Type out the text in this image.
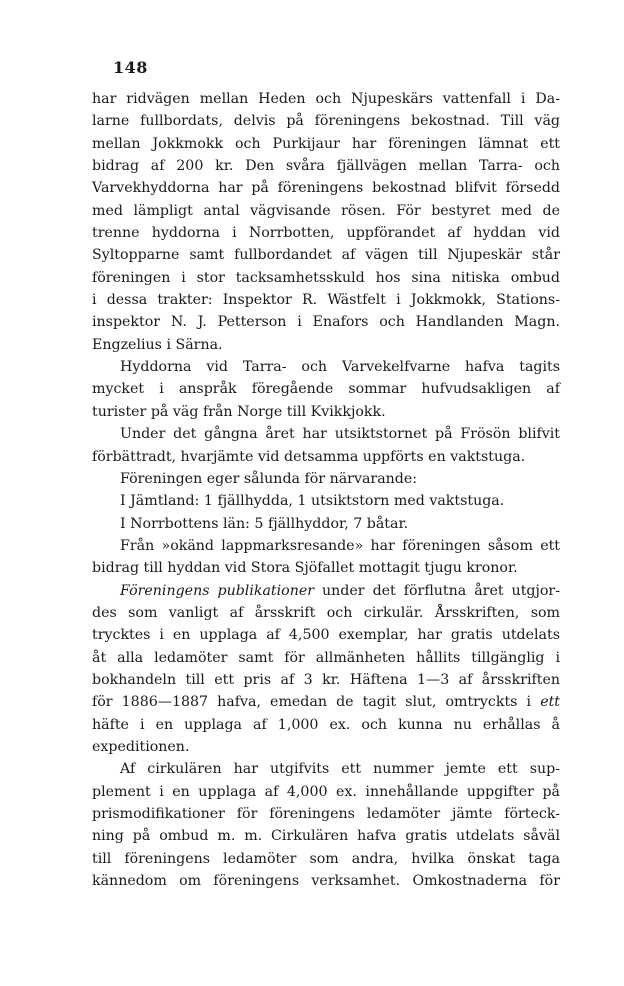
148
har ridvägen mellan Heden och Njupeskärs vattenfall i Da-
larne fullbordats, delvis på föreningens bekostnad. Till väg
mellan Jokkmokk och Purkijaur har föreningen lämnat ett
bidrag af 200 kr. Den svåra fjällvägen mellan Tarra- och
Varvekhyddorna har på föreningens bekostnad blifvit försedd
med lämpligt antal vägvisande rösen. För bestyret med de
trenne hyddorna i Norrbotten, uppförandet af hyddan vid
Syltopparne samt fullbordandet af vägen till Njupeskär står
föreningen i stor tacksamhetsskuld hos sina nitiska ombud
i dessa trakter: Inspektor R. Wästfelt i Jokkmokk, Stations-
inspektor N. J. Petterson i Enafors och Handlanden Magn.
Engzelius i Särna.
Hyddorna vid Tarra- och Varvekelfvarne hafva tagits
mycket i anspråk föregående sommar hufvudsakligen af
turister på väg från Norge till Kvikkjokk.
Under det gångna året har utsiktstornet på Frösön blifvit
förbättradt, hvarjämte vid detsamma uppförts en vaktstuga.
Föreningen eger sålunda för närvarande:
I Jämtland: 1 fjällhydda, 1 utsiktstorn med vaktstuga.
I Norrbottens län: 5 fjällhyddor, 7 båtar.
Från »okänd lappmarksresande» har föreningen såsom ett
bidrag till hyddan vid Stora Sjöfallet mottagit tjugu kronor.
Föreningens publikationer under det förflutna året utgjor-
des som vanligt af årsskrift och cirkulär. Årsskriften, som
trycktes i en upplaga af 4,500 exemplar, har gratis utdelats
åt alla ledamöter samt för allmänheten hållits tillgänglig i
bokhandeln till ett pris af 3 kr. Häftena 1—3 af årsskriften
för 1886—1887 hafva, emedan de tagit slut, omtryckts i ett
häfte i en upplaga af 1,000 ex. och kunna nu erhållas å
expeditionen.
Af cirkulären har utgifvits ett nummer jemte ett sup-
plement i en upplaga af 4,000 ex. innehållande uppgifter på
prismodifikationer för föreningens ledamöter jämte förteck-
ning på ombud m. m. Cirkulären hafva gratis utdelats såväl
till föreningens ledamöter som andra, hvilka önskat taga
kännedom om föreningens verksamhet. Omkostnaderna för
